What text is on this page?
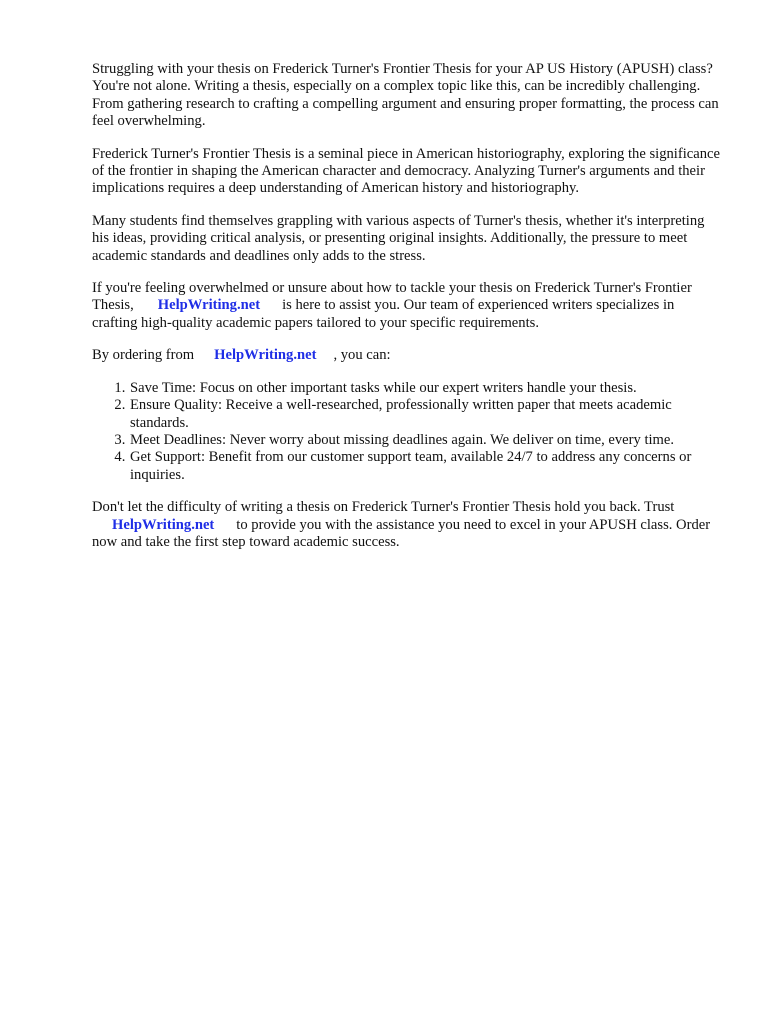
Struggling with your thesis on Frederick Turner's Frontier Thesis for your AP US History (APUSH) class? You're not alone. Writing a thesis, especially on a complex topic like this, can be incredibly challenging. From gathering research to crafting a compelling argument and ensuring proper formatting, the process can feel overwhelming.

Frederick Turner's Frontier Thesis is a seminal piece in American historiography, exploring the significance of the frontier in shaping the American character and democracy. Analyzing Turner's arguments and their implications requires a deep understanding of American history and historiography.

Many students find themselves grappling with various aspects of Turner's thesis, whether it's interpreting his ideas, providing critical analysis, or presenting original insights. Additionally, the pressure to meet academic standards and deadlines only adds to the stress.

If you're feeling overwhelmed or unsure about how to tackle your thesis on Frederick Turner's Frontier Thesis, HelpWriting.net is here to assist you. Our team of experienced writers specializes in crafting high-quality academic papers tailored to your specific requirements.

By ordering from HelpWriting.net , you can:

1. Save Time: Focus on other important tasks while our expert writers handle your thesis.
2. Ensure Quality: Receive a well-researched, professionally written paper that meets academic standards.
3. Meet Deadlines: Never worry about missing deadlines again. We deliver on time, every time.
4. Get Support: Benefit from our customer support team, available 24/7 to address any concerns or inquiries.

Don't let the difficulty of writing a thesis on Frederick Turner's Frontier Thesis hold you back. Trust
HelpWriting.net to provide you with the assistance you need to excel in your APUSH class. Order now and take the first step toward academic success.
